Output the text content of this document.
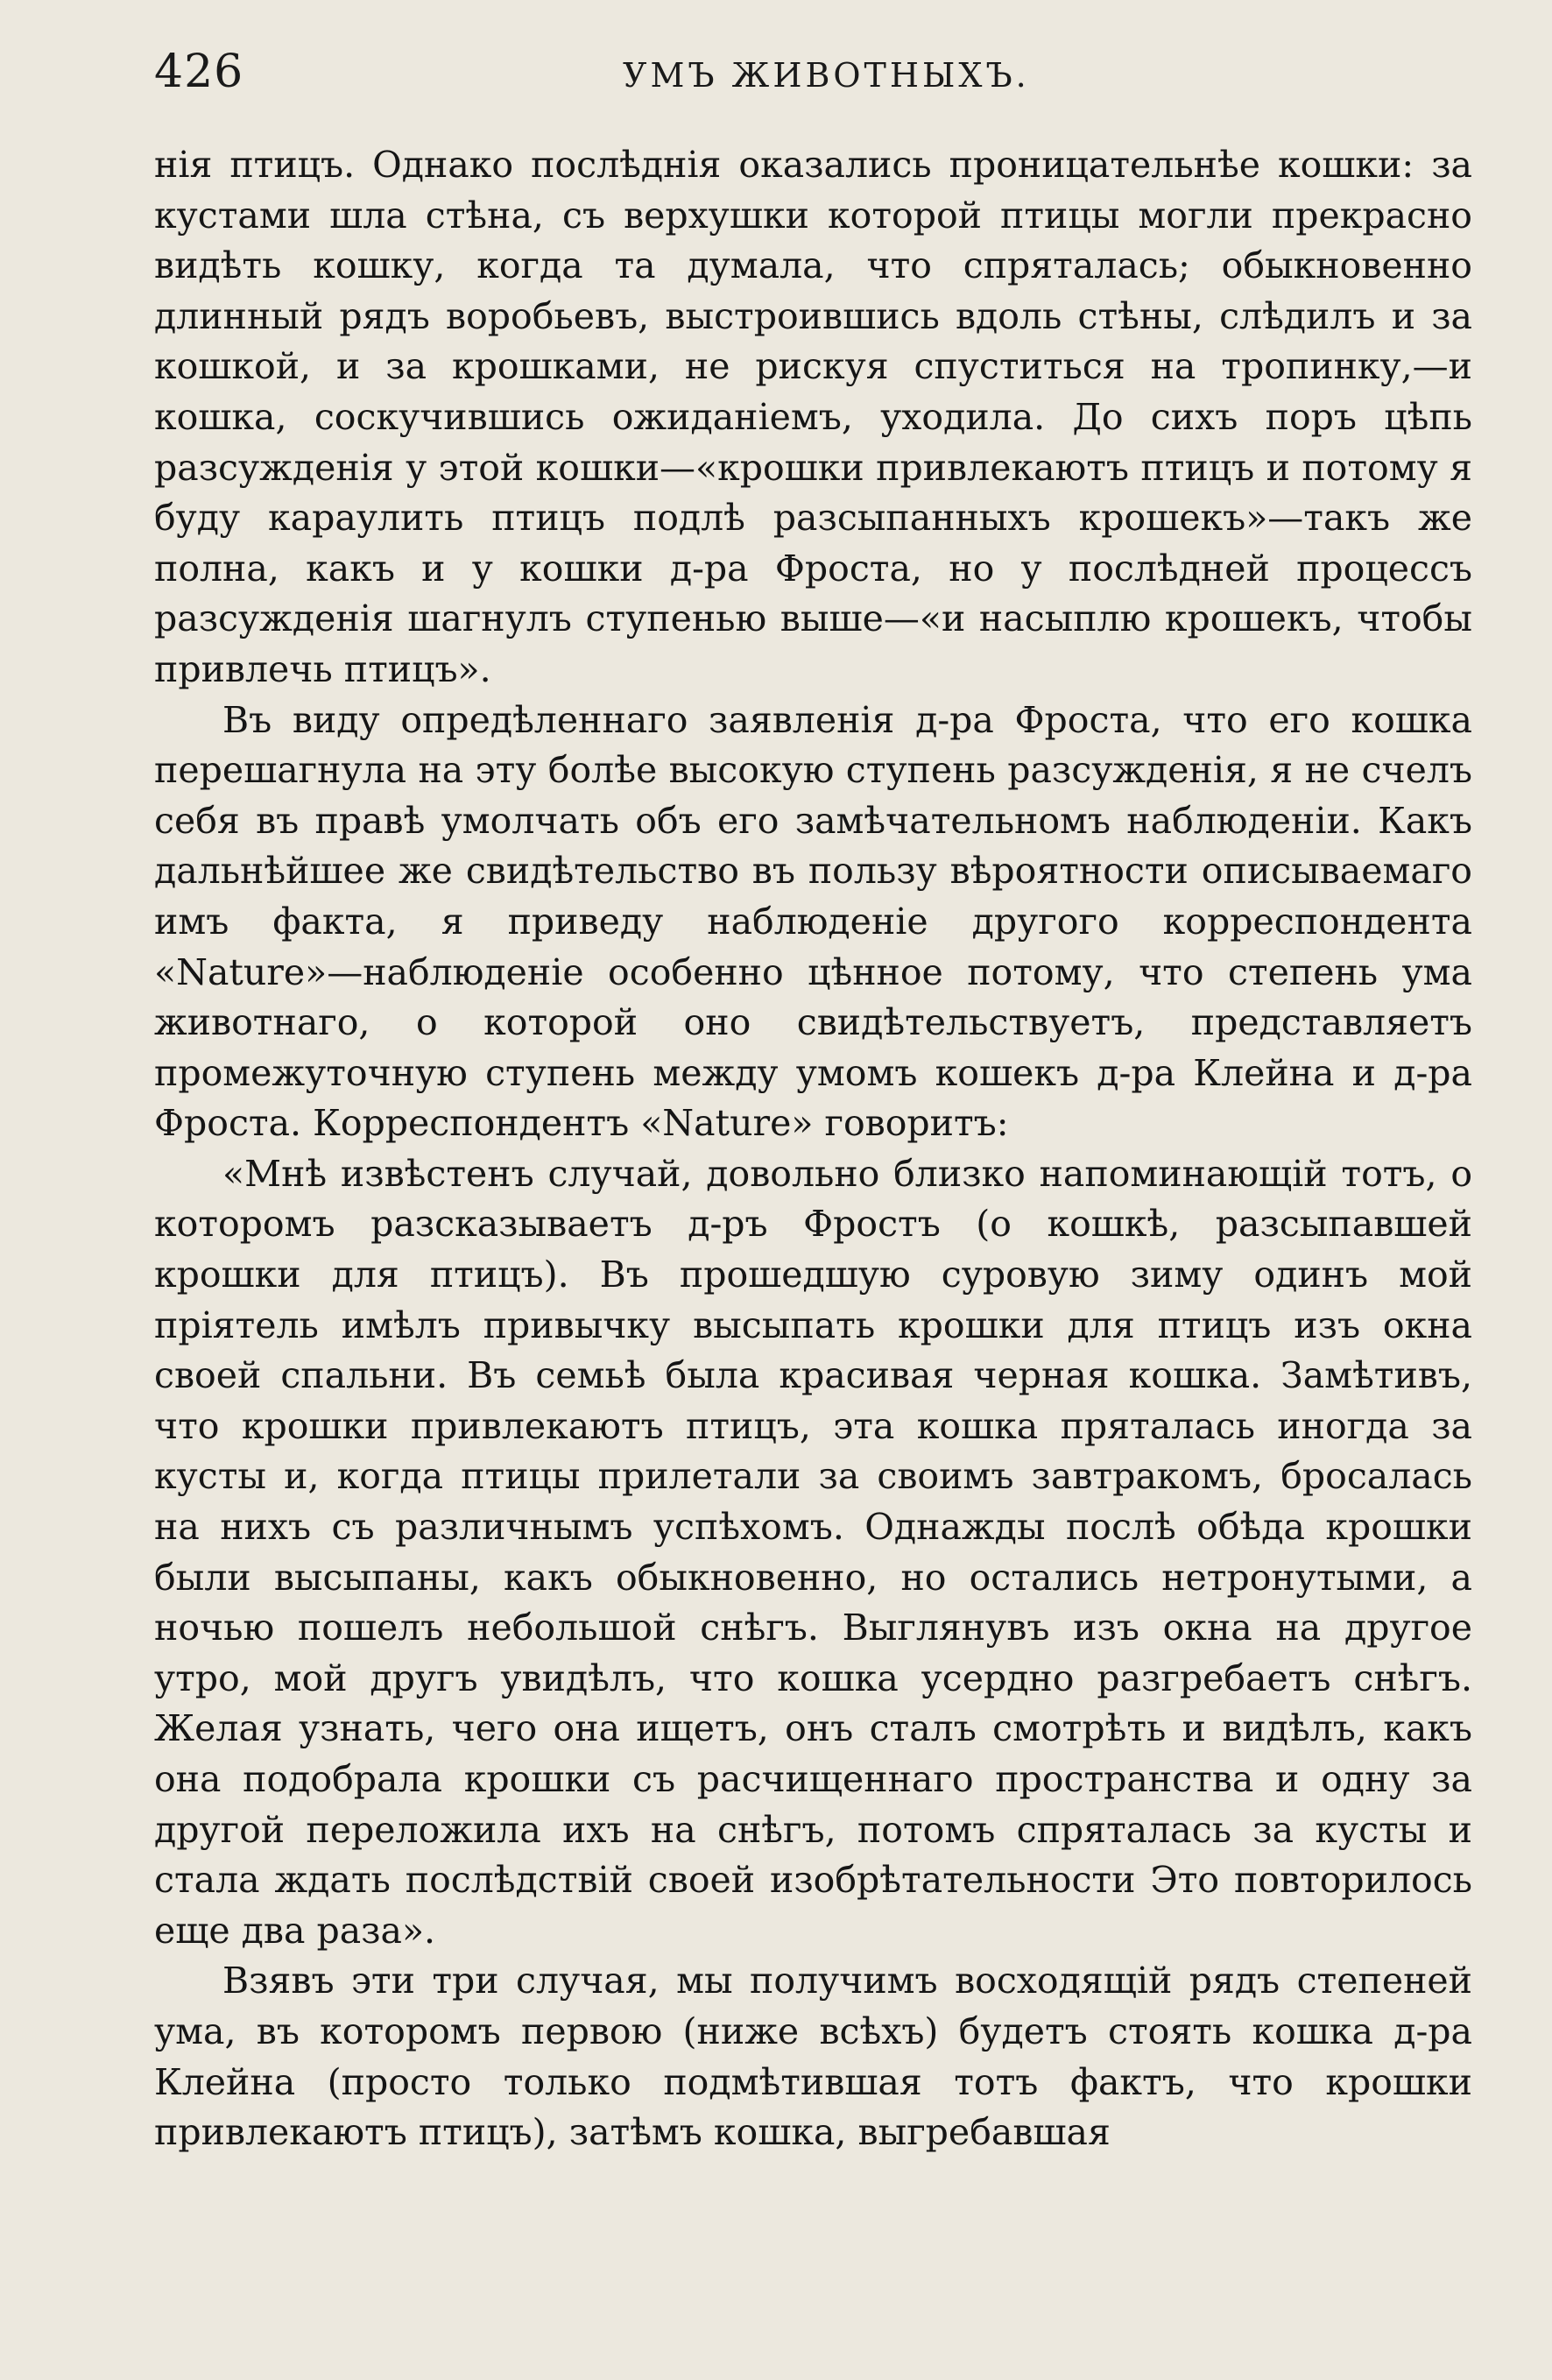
426	УМЪ ЖИВОТНЫХЪ.

нія птицъ. Однако послѣднія оказались проницательнѣе кошки: за кустами шла стѣна, съ верхушки которой птицы могли прекрасно видѣть кошку, когда та думала, что спряталась; обыкновенно длинный рядъ воробьевъ, выстроившись вдоль стѣны, слѣдилъ и за кошкой, и за крошками, не рискуя спуститься на тропинку,—и кошка, соскучившись ожиданіемъ, уходила. До сихъ поръ цѣпь разсужденія у этой кошки—«крошки привлекаютъ птицъ и потому я буду караулить птицъ подлѣ разсыпанныхъ крошекъ»—такъ же полна, какъ и у кошки д-ра Фроста, но у послѣдней процессъ разсужденія шагнулъ ступенью выше—«и насыплю крошекъ, чтобы привлечь птицъ».

Въ виду опредѣленнаго заявленія д-ра Фроста, что его кошка перешагнула на эту болѣе высокую ступень разсужденія, я не счелъ себя въ правѣ умолчать объ его замѣчательномъ наблюденіи. Какъ дальнѣйшее же свидѣтельство въ пользу вѣроятности описываемаго имъ факта, я приведу наблюденіе другого корреспондента «Nature»—наблюденіе особенно цѣнное потому, что степень ума животнаго, о которой оно свидѣтельствуетъ, представляетъ промежуточную ступень между умомъ кошекъ д-ра Клейна и д-ра Фроста. Корреспондентъ «Nature» говоритъ:

«Мнѣ извѣстенъ случай, довольно близко напоминающій тотъ, о которомъ разсказываетъ д-ръ Фростъ (о кошкѣ, разсыпавшей крошки для птицъ). Въ прошедшую суровую зиму одинъ мой пріятель имѣлъ привычку высыпать крошки для птицъ изъ окна своей спальни. Въ семьѣ была красивая черная кошка. Замѣтивъ, что крошки привлекаютъ птицъ, эта кошка пряталась иногда за кусты и, когда птицы прилетали за своимъ завтракомъ, бросалась на нихъ съ различнымъ успѣхомъ. Однажды послѣ обѣда крошки были высыпаны, какъ обыкновенно, но остались нетронутыми, а ночью пошелъ небольшой снѣгъ. Выглянувъ изъ окна на другое утро, мой другъ увидѣлъ, что кошка усердно разгребаетъ снѣгъ. Желая узнать, чего она ищетъ, онъ сталъ смотрѣть и видѣлъ, какъ она подобрала крошки съ расчищеннаго пространства и одну за другой переложила ихъ на снѣгъ, потомъ спряталась за кусты и стала ждать послѣдствій своей изобрѣтательности Это повторилось еще два раза».

Взявъ эти три случая, мы получимъ восходящій рядъ степеней ума, въ которомъ первою (ниже всѣхъ) будетъ стоять кошка д-ра Клейна (просто только подмѣтившая тотъ фактъ, что крошки привлекаютъ птицъ), затѣмъ кошка, выгребавшая
